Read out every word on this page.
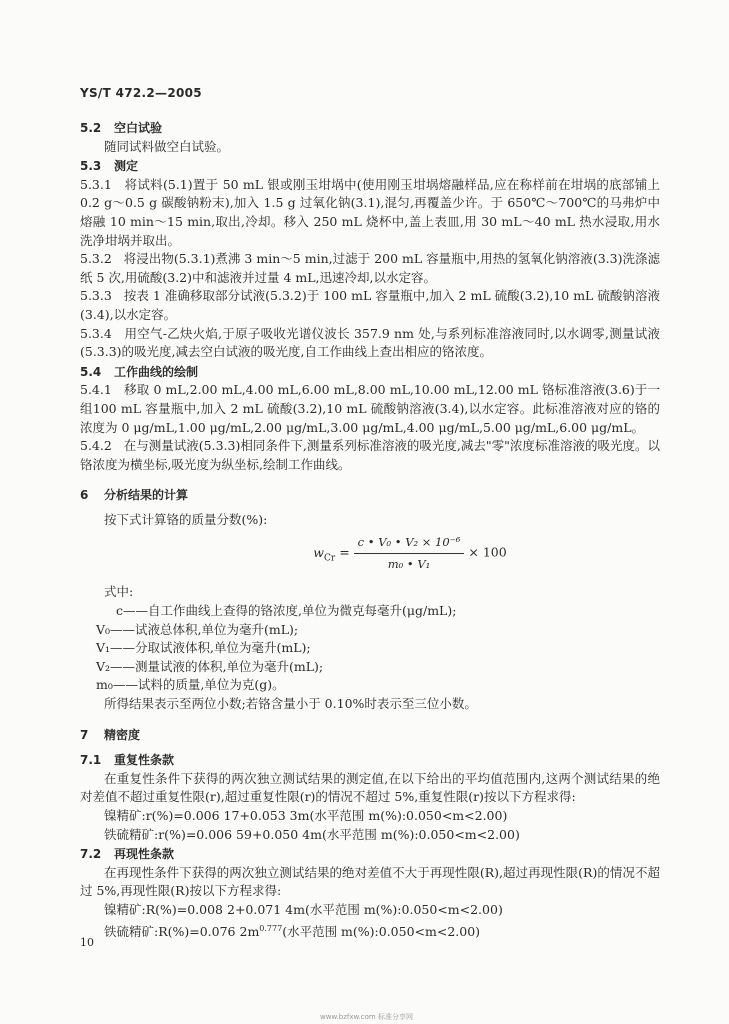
YS/T 472.2—2005
5.2 空白试验

随同试料做空白试验。

5.3 测定

5.3.1 将试料(5.1)置于 50 mL 银或刚玉坩埚中(使用刚玉坩埚熔融样品,应在称样前在坩埚的底部铺上 0.2 g～0.5 g 碳酸钠粉末),加入 1.5 g 过氧化钠(3.1),混匀,再覆盖少许。于 650℃～700℃的马弗炉中熔融 10 min～15 min,取出,冷却。移入 250 mL 烧杯中,盖上表皿,用 30 mL～40 mL 热水浸取,用水洗净坩埚并取出。

5.3.2 将浸出物(5.3.1)煮沸 3 min～5 min,过滤于 200 mL 容量瓶中,用热的氢氧化钠溶液(3.3)洗涤滤纸 5 次,用硫酸(3.2)中和滤液并过量 4 mL,迅速冷却,以水定容。

5.3.3 按表 1 准确移取部分试液(5.3.2)于 100 mL 容量瓶中,加入 2 mL 硫酸(3.2),10 mL 硫酸钠溶液(3.4),以水定容。

5.3.4 用空气-乙炔火焰,于原子吸收光谱仪波长 357.9 nm 处,与系列标准溶液同时,以水调零,测量试液(5.3.3)的吸光度,减去空白试液的吸光度,自工作曲线上查出相应的铬浓度。

5.4 工作曲线的绘制

5.4.1 移取 0 mL,2.00 mL,4.00 mL,6.00 mL,8.00 mL,10.00 mL,12.00 mL 铬标准溶液(3.6)于一组100 mL 容量瓶中,加入 2 mL 硫酸(3.2),10 mL 硫酸钠溶液(3.4),以水定容。此标准溶液对应的铬的浓度为 0 μg/mL,1.00 μg/mL,2.00 μg/mL,3.00 μg/mL,4.00 μg/mL,5.00 μg/mL,6.00 μg/mL。

5.4.2 在与测量试液(5.3.3)相同条件下,测量系列标准溶液的吸光度,减去"零"浓度标准溶液的吸光度。以铬浓度为横坐标,吸光度为纵坐标,绘制工作曲线。

6 分析结果的计算

按下式计算铬的质量分数(%):

$w_{Cr} = \frac{\text{c • V₀ • V₂ × 10⁻⁶}}{\text{m₀ • V₁}} \times 100$

式中:

c——自工作曲线上查得的铬浓度,单位为微克每毫升(μg/mL);

V₀——试液总体积,单位为毫升(mL);

V₁——分取试液体积,单位为毫升(mL);

V₂——测量试液的体积,单位为毫升(mL);

m₀——试料的质量,单位为克(g)。

所得结果表示至两位小数;若铬含量小于 0.10%时表示至三位小数。

7 精密度
7.1 重复性条款

在重复性条件下获得的两次独立测试结果的测定值,在以下给出的平均值范围内,这两个测试结果的绝对差值不超过重复性限(r),超过重复性限(r)的情况不超过 5%,重复性限(r)按以下方程求得:

镍精矿:r(%)=0.006 17+0.053 3m(水平范围 m(%):0.050<m<2.00)

铁硫精矿:r(%)=0.006 59+0.050 4m(水平范围 m(%):0.050<m<2.00)

7.2 再现性条款

在再现性条件下获得的两次独立测试结果的绝对差值不大于再现性限(R),超过再现性限(R)的情况不超过 5%,再现性限(R)按以下方程求得:

镍精矿:R(%)=0.008 2+0.071 4m(水平范围 m(%):0.050<m<2.00)

铁硫精矿:R(%)=0.076 $2m^{0.777}$(水平范围 m(%):0.050<m<2.00)

10
www.bzfxw.com 标准分享网
